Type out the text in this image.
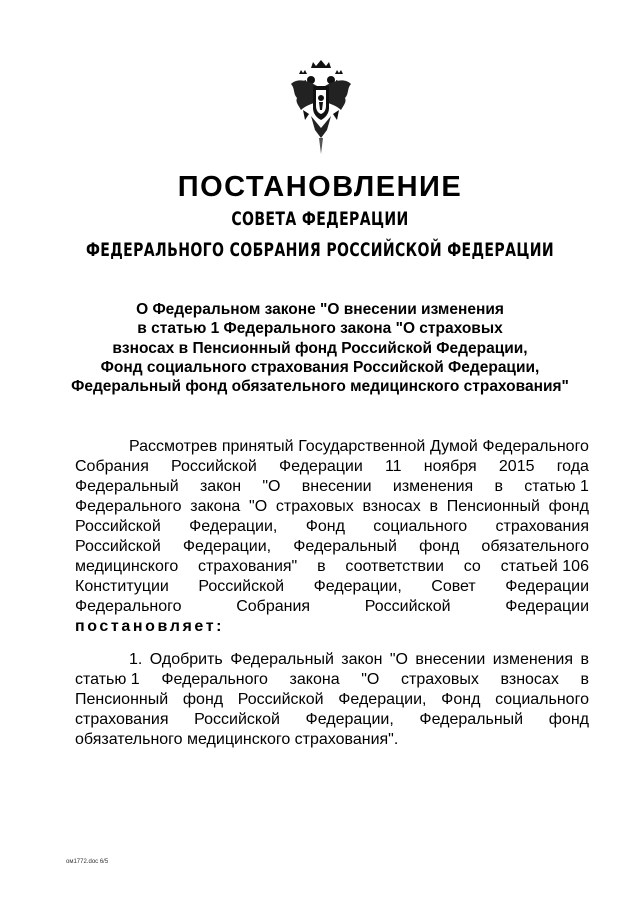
ПОСТАНОВЛЕНИЕ
СОВЕТА ФЕДЕРАЦИИ
ФЕДЕРАЛЬНОГО СОБРАНИЯ РОССИЙСКОЙ ФЕДЕРАЦИИ
О Федеральном законе "О внесении изменения
в статью 1 Федерального закона "О страховых
взносах в Пенсионный фонд Российской Федерации,
Фонд социального страхования Российской Федерации,
Федеральный фонд обязательного медицинского страхования"
Рассмотрев принятый Государственной Думой Федерального
Собрания Российской Федерации 11 ноября 2015 года
Федеральный закон "О внесении изменения в статью 1
Федерального закона "О страховых взносах в Пенсионный фонд
Российской Федерации, Фонд социального страхования
Российской Федерации, Федеральный фонд обязательного
медицинского страхования" в соответствии со статьей 106
Конституции Российской Федерации, Совет Федерации
Федерального	Собрания	Российской	Федерации
постановляет:
1. Одобрить Федеральный закон "О внесении изменения в
статью 1 Федерального закона "О страховых взносах в
Пенсионный фонд Российской Федерации, Фонд социального
страхования Российской Федерации, Федеральный фонд
обязательного медицинского страхования".
ом1772.doc 6/5
